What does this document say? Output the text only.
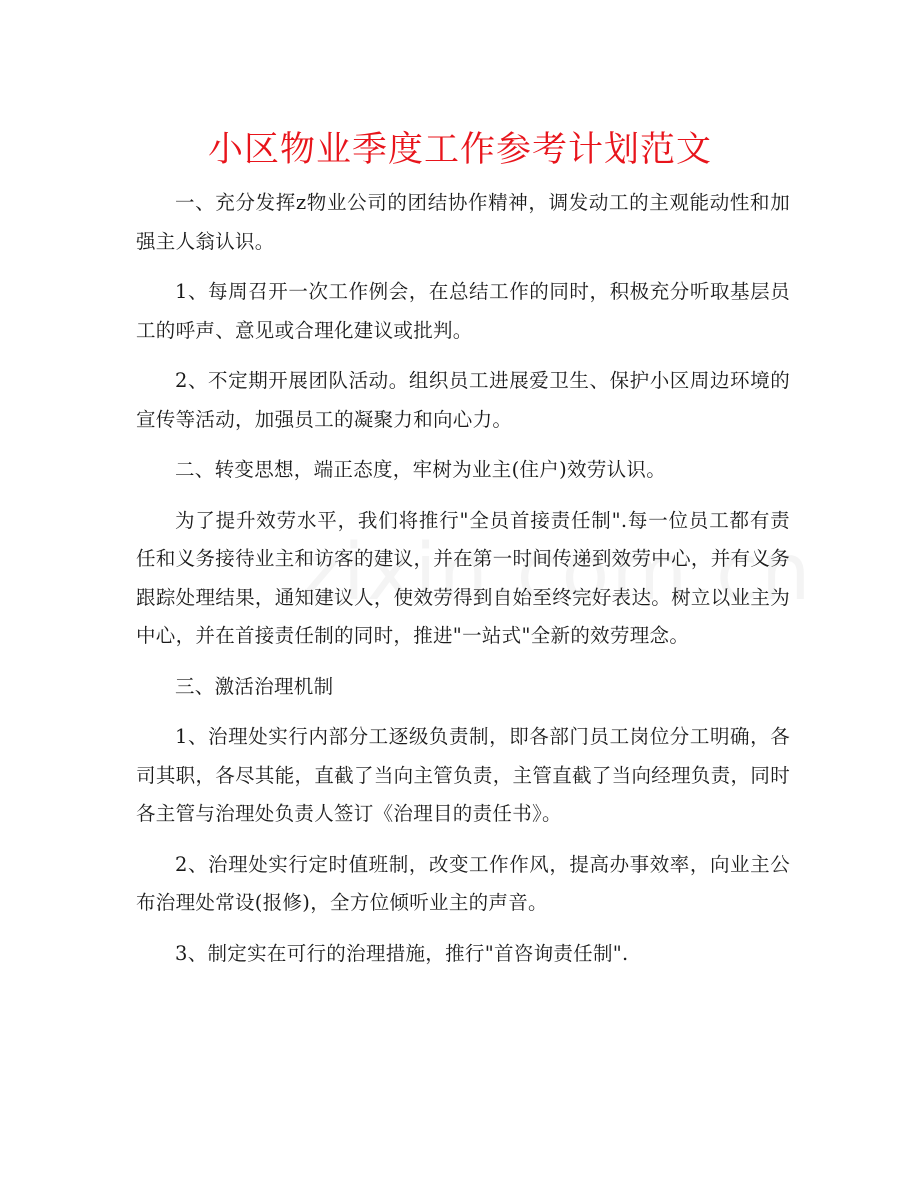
小区物业季度工作参考计划范文

一、充分发挥z物业公司的团结协作精神，调发动工的主观能动性和加强主人翁认识。

1、每周召开一次工作例会，在总结工作的同时，积极充分听取基层员工的呼声、意见或合理化建议或批判。

2、不定期开展团队活动。组织员工进展爱卫生、保护小区周边环境的宣传等活动，加强员工的凝聚力和向心力。

二、转变思想，端正态度，牢树为业主(住户)效劳认识。

为了提升效劳水平，我们将推行"全员首接责任制".每一位员工都有责任和义务接待业主和访客的建议，并在第一时间传递到效劳中心，并有义务跟踪处理结果，通知建议人，使效劳得到自始至终完好表达。树立以业主为中心，并在首接责任制的同时，推进"一站式"全新的效劳理念。

三、激活治理机制

1、治理处实行内部分工逐级负责制，即各部门员工岗位分工明确，各司其职，各尽其能，直截了当向主管负责，主管直截了当向经理负责，同时各主管与治理处负责人签订《治理目的责任书》。

2、治理处实行定时值班制，改变工作作风，提高办事效率，向业主公布治理处常设(报修)，全方位倾听业主的声音。

3、制定实在可行的治理措施，推行"首咨询责任制".
